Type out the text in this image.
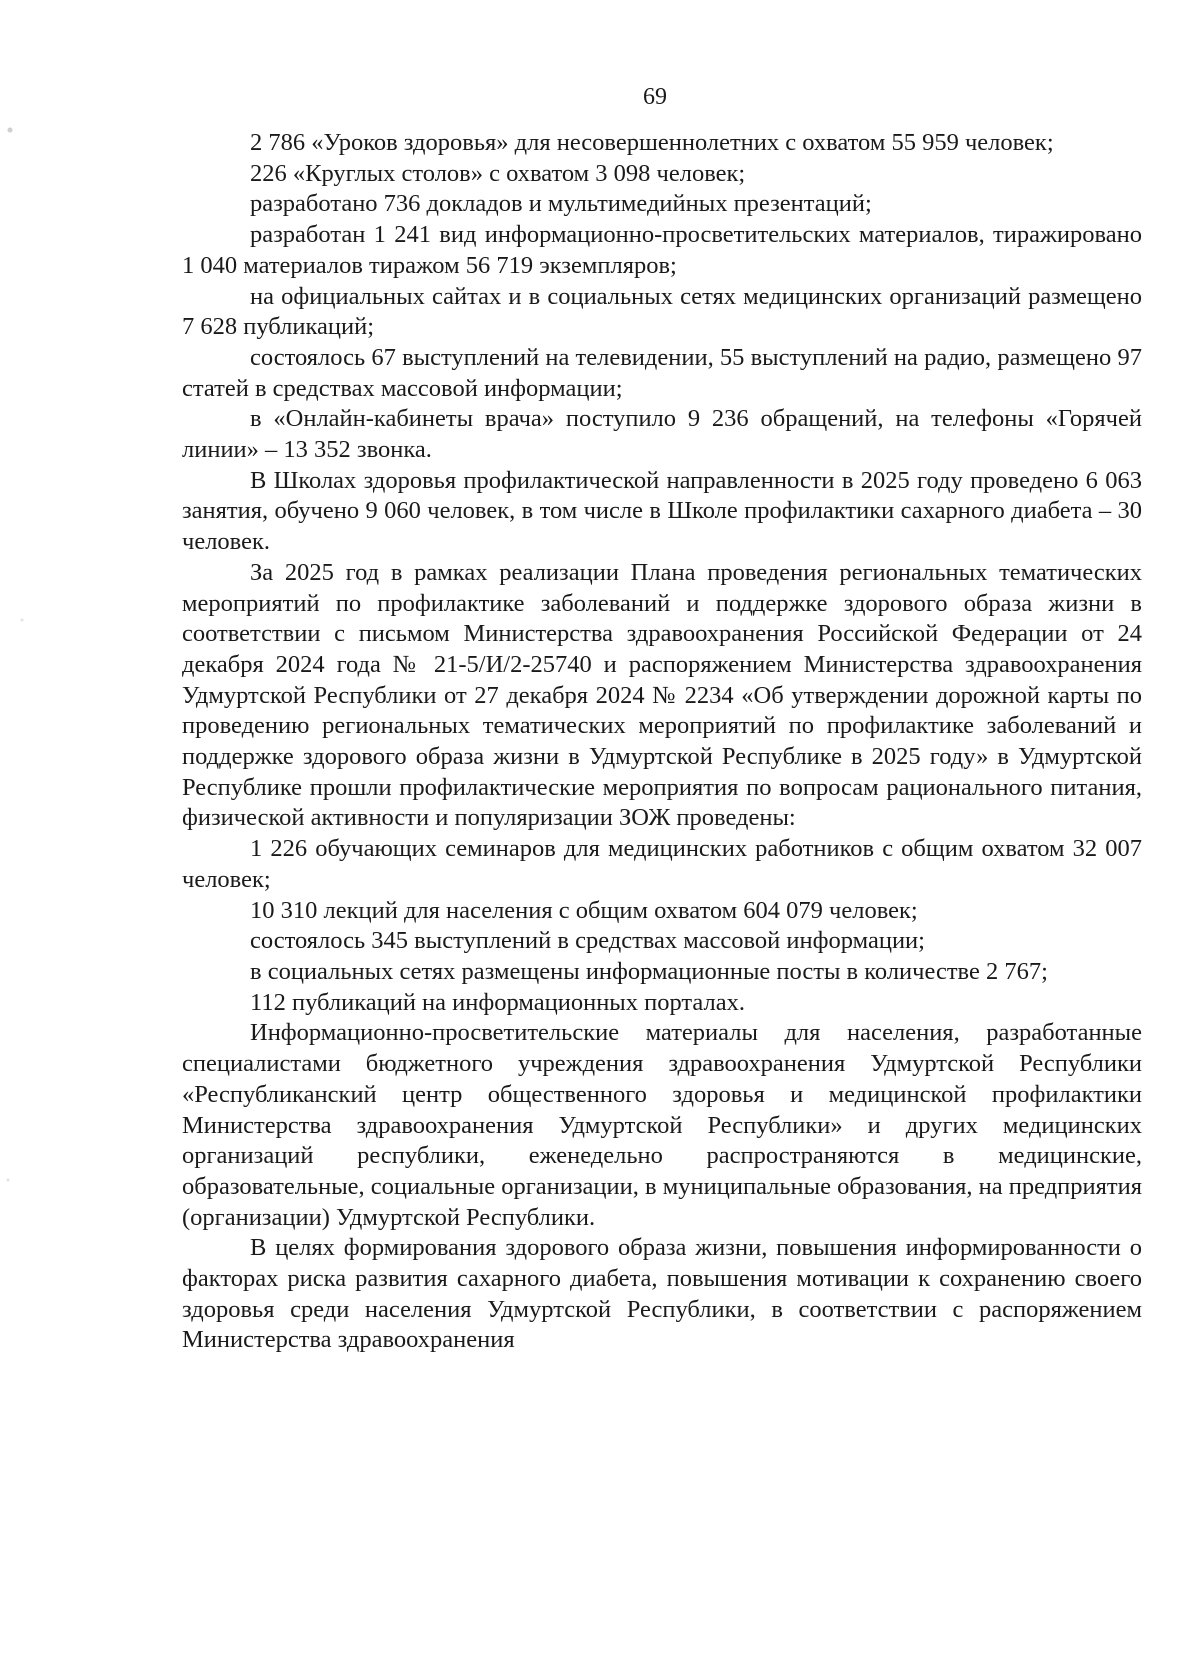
69

2 786 «Уроков здоровья» для несовершеннолетних с охватом 55 959 человек;

226 «Круглых столов» с охватом 3 098 человек;

разработано 736 докладов и мультимедийных презентаций;

разработан 1 241 вид информационно-просветительских материалов, тиражировано 1 040 материалов тиражом 56 719 экземпляров;

на официальных сайтах и в социальных сетях медицинских организаций размещено 7 628 публикаций;

состоялось 67 выступлений на телевидении, 55 выступлений на радио, размещено 97 статей в средствах массовой информации;

в «Онлайн-кабинеты врача» поступило 9 236 обращений, на телефоны «Горячей линии» – 13 352 звонка.

В Школах здоровья профилактической направленности в 2025 году проведено 6 063 занятия, обучено 9 060 человек, в том числе в Школе профилактики сахарного диабета – 30 человек.

За 2025 год в рамках реализации Плана проведения региональных тематических мероприятий по профилактике заболеваний и поддержке здорового образа жизни в соответствии с письмом Министерства здравоохранения Российской Федерации от 24 декабря 2024 года № 21-5/И/2-25740 и распоряжением Министерства здравоохранения Удмуртской Республики от 27 декабря 2024 № 2234 «Об утверждении дорожной карты по проведению региональных тематических мероприятий по профилактике заболеваний и поддержке здорового образа жизни в Удмуртской Республике в 2025 году» в Удмуртской Республике прошли профилактические мероприятия по вопросам рационального питания, физической активности и популяризации ЗОЖ проведены:

1 226 обучающих семинаров для медицинских работников с общим охватом 32 007 человек;

10 310 лекций для населения с общим охватом 604 079 человек;

состоялось 345 выступлений в средствах массовой информации;

в социальных сетях размещены информационные посты в количестве 2 767;

112 публикаций на информационных порталах.

Информационно-просветительские материалы для населения, разработанные специалистами бюджетного учреждения здравоохранения Удмуртской Республики «Республиканский центр общественного здоровья и медицинской профилактики Министерства здравоохранения Удмуртской Республики» и других медицинских организаций республики, еженедельно распространяются в медицинские, образовательные, социальные организации, в муниципальные образования, на предприятия (организации) Удмуртской Республики.

В целях формирования здорового образа жизни, повышения информированности о факторах риска развития сахарного диабета, повышения мотивации к сохранению своего здоровья среди населения Удмуртской Республики, в соответствии с распоряжением Министерства здравоохранения
